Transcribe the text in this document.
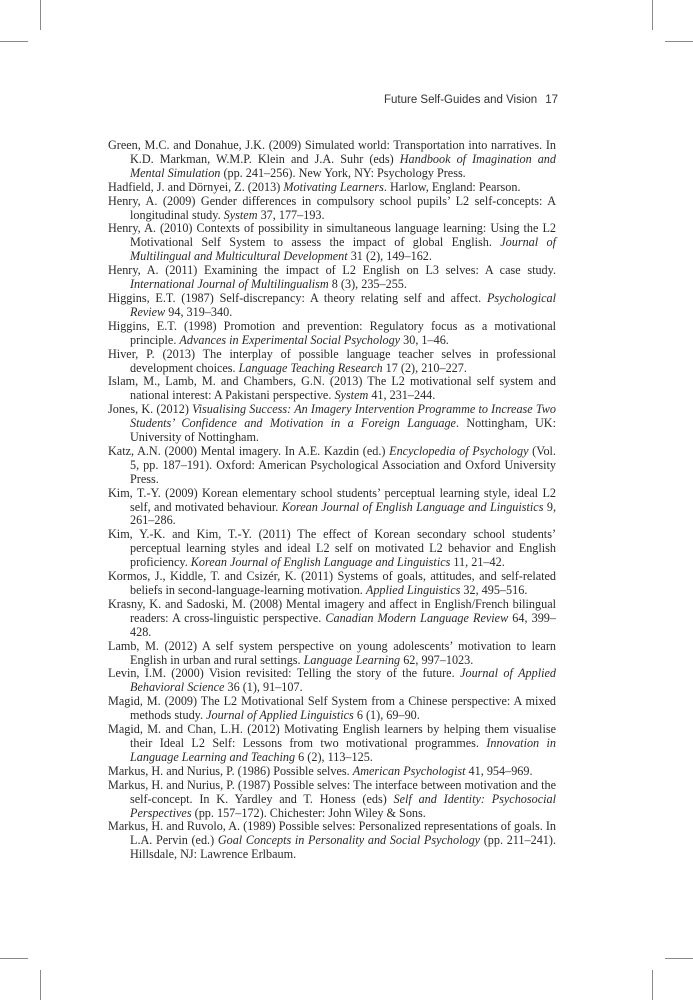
Future Self-Guides and Vision 17
Green, M.C. and Donahue, J.K. (2009) Simulated world: Transportation into narratives. In K.D. Markman, W.M.P. Klein and J.A. Suhr (eds) Handbook of Imagination and Mental Simulation (pp. 241–256). New York, NY: Psychology Press.
Hadfield, J. and Dörnyei, Z. (2013) Motivating Learners. Harlow, England: Pearson.
Henry, A. (2009) Gender differences in compulsory school pupils’ L2 self-concepts: A longitudinal study. System 37, 177–193.
Henry, A. (2010) Contexts of possibility in simultaneous language learning: Using the L2 Motivational Self System to assess the impact of global English. Journal of Multilingual and Multicultural Development 31 (2), 149–162.
Henry, A. (2011) Examining the impact of L2 English on L3 selves: A case study. International Journal of Multilingualism 8 (3), 235–255.
Higgins, E.T. (1987) Self-discrepancy: A theory relating self and affect. Psychological Review 94, 319–340.
Higgins, E.T. (1998) Promotion and prevention: Regulatory focus as a motivational principle. Advances in Experimental Social Psychology 30, 1–46.
Hiver, P. (2013) The interplay of possible language teacher selves in professional development choices. Language Teaching Research 17 (2), 210–227.
Islam, M., Lamb, M. and Chambers, G.N. (2013) The L2 motivational self system and national interest: A Pakistani perspective. System 41, 231–244.
Jones, K. (2012) Visualising Success: An Imagery Intervention Programme to Increase Two Students’ Confidence and Motivation in a Foreign Language. Nottingham, UK: University of Nottingham.
Katz, A.N. (2000) Mental imagery. In A.E. Kazdin (ed.) Encyclopedia of Psychology (Vol. 5, pp. 187–191). Oxford: American Psychological Association and Oxford University Press.
Kim, T.-Y. (2009) Korean elementary school students’ perceptual learning style, ideal L2 self, and motivated behaviour. Korean Journal of English Language and Linguistics 9, 261–286.
Kim, Y.-K. and Kim, T.-Y. (2011) The effect of Korean secondary school students’ perceptual learning styles and ideal L2 self on motivated L2 behavior and English proficiency. Korean Journal of English Language and Linguistics 11, 21–42.
Kormos, J., Kiddle, T. and Csizér, K. (2011) Systems of goals, attitudes, and self-related beliefs in second-language-learning motivation. Applied Linguistics 32, 495–516.
Krasny, K. and Sadoski, M. (2008) Mental imagery and affect in English/French bilingual readers: A cross-linguistic perspective. Canadian Modern Language Review 64, 399–428.
Lamb, M. (2012) A self system perspective on young adolescents’ motivation to learn English in urban and rural settings. Language Learning 62, 997–1023.
Levin, I.M. (2000) Vision revisited: Telling the story of the future. Journal of Applied Behavioral Science 36 (1), 91–107.
Magid, M. (2009) The L2 Motivational Self System from a Chinese perspective: A mixed methods study. Journal of Applied Linguistics 6 (1), 69–90.
Magid, M. and Chan, L.H. (2012) Motivating English learners by helping them visualise their Ideal L2 Self: Lessons from two motivational programmes. Innovation in Language Learning and Teaching 6 (2), 113–125.
Markus, H. and Nurius, P. (1986) Possible selves. American Psychologist 41, 954–969.
Markus, H. and Nurius, P. (1987) Possible selves: The interface between motivation and the self-concept. In K. Yardley and T. Honess (eds) Self and Identity: Psychosocial Perspectives (pp. 157–172). Chichester: John Wiley & Sons.
Markus, H. and Ruvolo, A. (1989) Possible selves: Personalized representations of goals. In L.A. Pervin (ed.) Goal Concepts in Personality and Social Psychology (pp. 211–241). Hillsdale, NJ: Lawrence Erlbaum.
